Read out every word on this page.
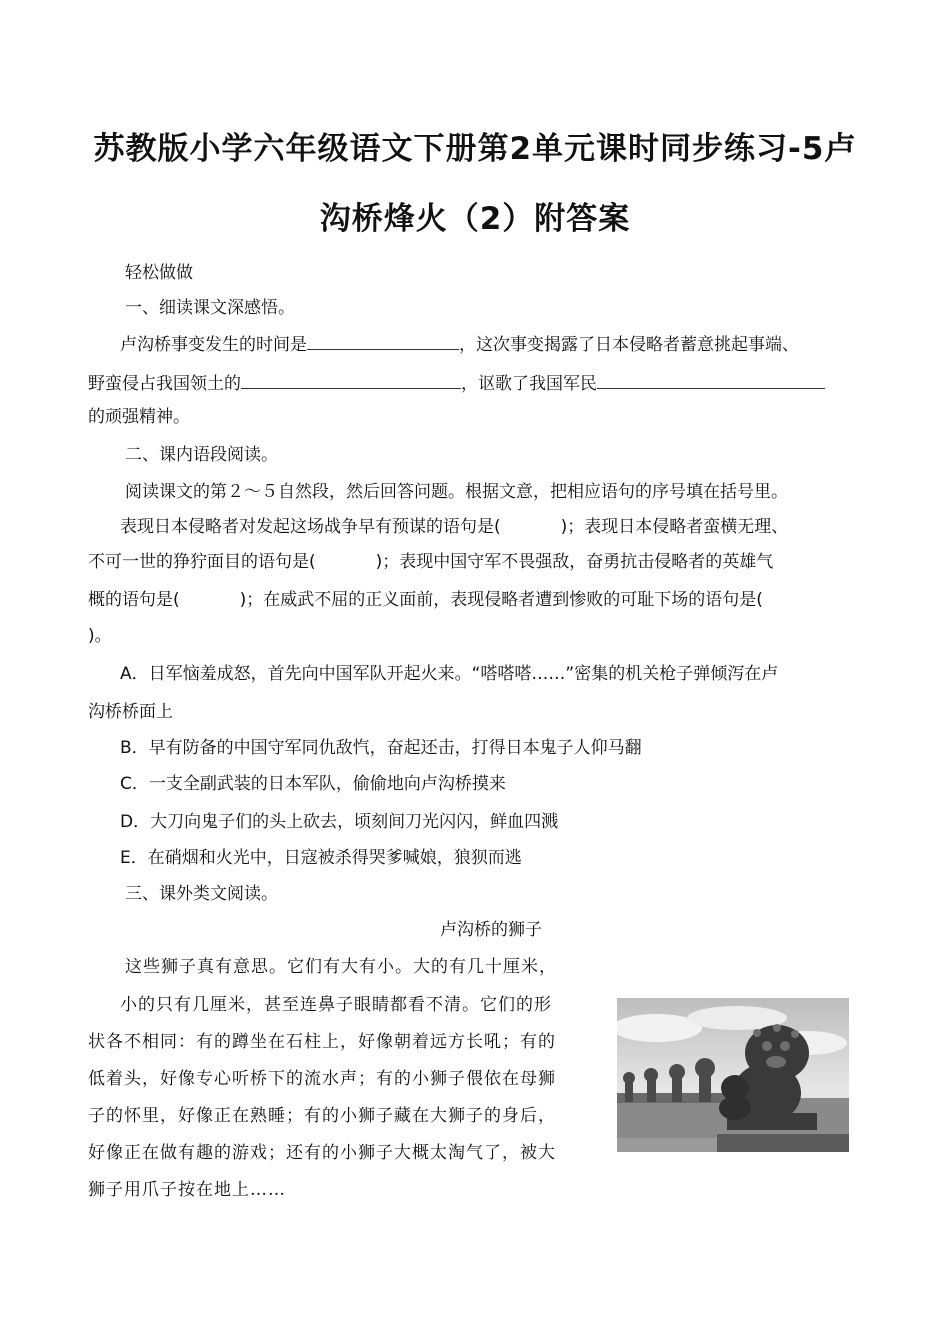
苏教版小学六年级语文下册第2单元课时同步练习-5卢
沟桥烽火（2）附答案
轻松做做
一、细读课文深感悟。
卢沟桥事变发生的时间是	，这次事变揭露了日本侵略者蓄意挑起事端、
野蛮侵占我国领土的	，讴歌了我国军民
的顽强精神。
二、课内语段阅读。
阅读课文的第２～５自然段，然后回答问题。根据文意，把相应语句的序号填在括号里。
表现日本侵略者对发起这场战争早有预谋的语句是(	)；表现日本侵略者蛮横无理、
不可一世的狰狞面目的语句是(	)；表现中国守军不畏强敌，奋勇抗击侵略者的英雄气
概的语句是(	)；在威武不屈的正义面前，表现侵略者遭到惨败的可耻下场的语句是(
)。
A．日军恼羞成怒，首先向中国军队开起火来。“嗒嗒嗒……”密集的机关枪子弹倾泻在卢
沟桥桥面上
B．早有防备的中国守军同仇敌忾，奋起还击，打得日本鬼子人仰马翻
C．一支全副武装的日本军队，偷偷地向卢沟桥摸来
D．大刀向鬼子们的头上砍去，顷刻间刀光闪闪，鲜血四溅
E．在硝烟和火光中，日寇被杀得哭爹喊娘，狼狈而逃
三、课外类文阅读。
卢沟桥的狮子
这些狮子真有意思。它们有大有小。大的有几十厘米，
小的只有几厘米，甚至连鼻子眼睛都看不清。它们的形
状各不相同：有的蹲坐在石柱上，好像朝着远方长吼；有的
低着头，好像专心听桥下的流水声；有的小狮子偎依在母狮
子的怀里，好像正在熟睡；有的小狮子藏在大狮子的身后，
好像正在做有趣的游戏；还有的小狮子大概太淘气了，被大
狮子用爪子按在地上……
